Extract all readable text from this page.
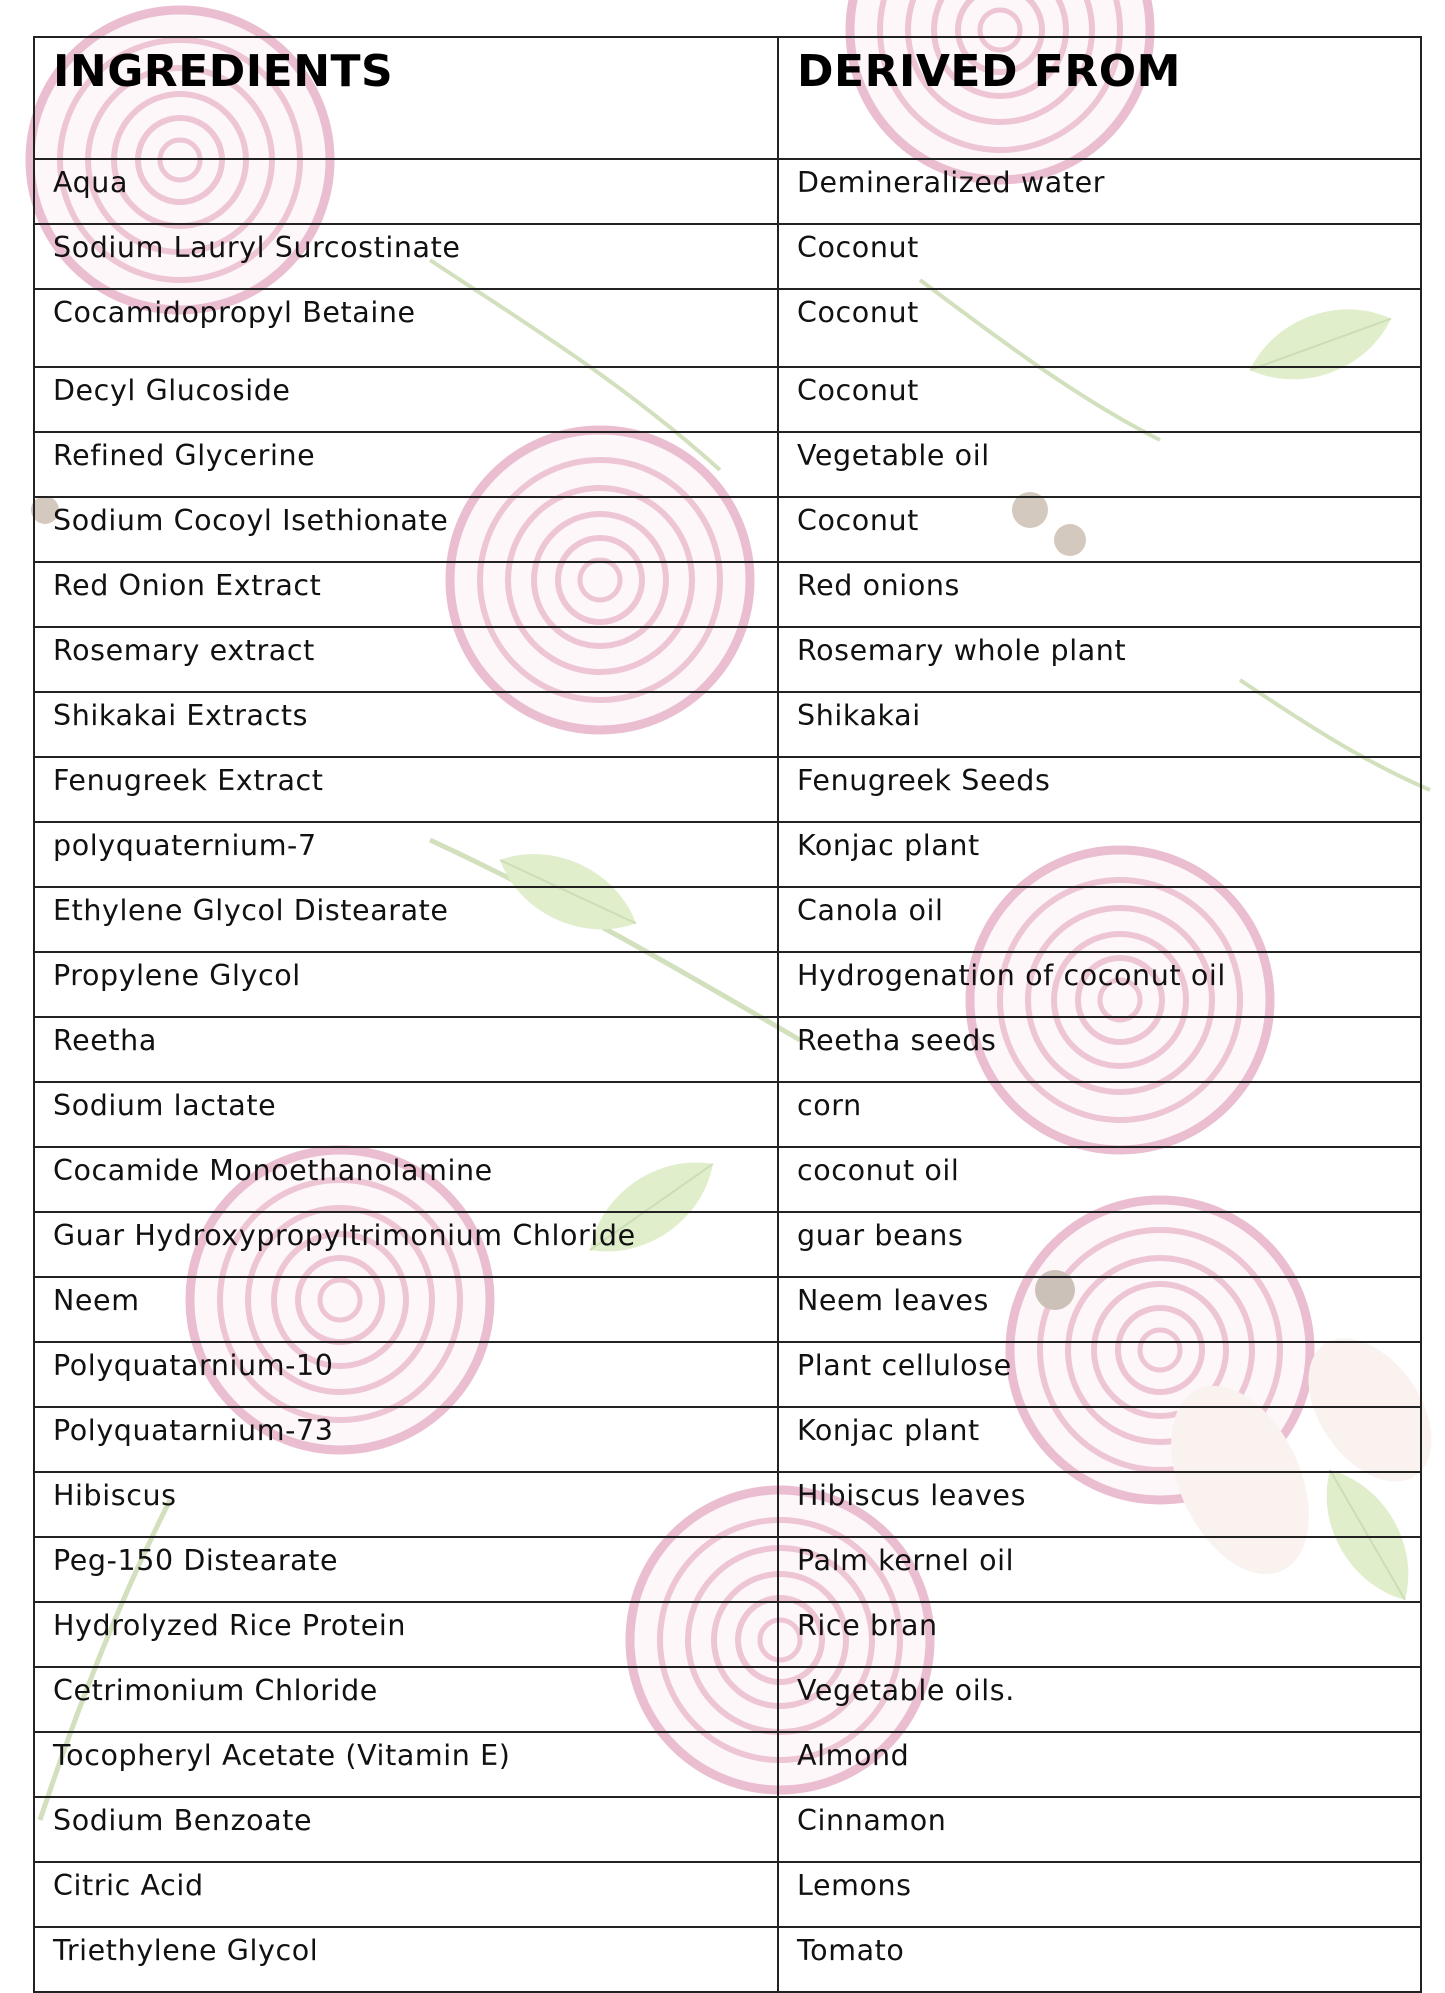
INGREDIENTS	DERIVED FROM
Aqua	Demineralized water
Sodium Lauryl Surcostinate	Coconut
Cocamidopropyl Betaine	Coconut
Decyl Glucoside	Coconut
Refined Glycerine	Vegetable oil
Sodium Cocoyl Isethionate	Coconut
Red Onion Extract	Red onions
Rosemary extract	Rosemary whole plant
Shikakai Extracts	Shikakai
Fenugreek Extract	Fenugreek Seeds
polyquaternium-7	Konjac plant
Ethylene Glycol Distearate	Canola oil
Propylene Glycol	Hydrogenation of coconut oil
Reetha	Reetha seeds
Sodium lactate	corn
Cocamide Monoethanolamine	coconut oil
Guar Hydroxypropyltrimonium Chloride	guar beans
Neem	Neem leaves
Polyquatarnium-10	Plant cellulose
Polyquatarnium-73	Konjac plant
Hibiscus	Hibiscus leaves
Peg-150 Distearate	Palm kernel oil
Hydrolyzed Rice Protein	Rice bran
Cetrimonium Chloride	Vegetable oils.
Tocopheryl Acetate (Vitamin E)	Almond
Sodium Benzoate	Cinnamon
Citric Acid	Lemons
Triethylene Glycol	Tomato
